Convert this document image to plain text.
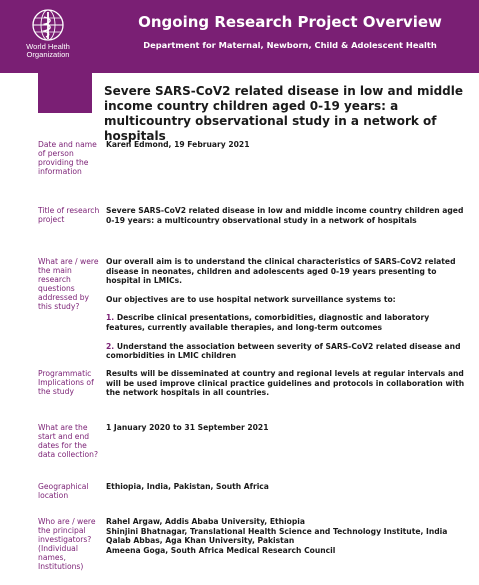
World Health
Organization
Ongoing Research Project Overview
Department for Maternal, Newborn, Child & Adolescent Health
Severe SARS-CoV2 related disease in low and middle income country children aged 0-19 years: a multicountry observational study in a network of hospitals
Date and name of person providing the information
Karen Edmond, 19 February 2021
Title of research project
Severe SARS-CoV2 related disease in low and middle income country children aged 0-19 years: a multicountry observational study in a network of hospitals
What are / were the main research questions addressed by this study?

Our overall aim is to understand the clinical characteristics of SARS-CoV2 related disease in neonates, children and adolescents aged 0-19 years presenting to hospital in LMICs.

Our objectives are to use hospital network surveillance systems to:

1. Describe clinical presentations, comorbidities, diagnostic and laboratory features, currently available therapies, and long-term outcomes

2. Understand the association between severity of SARS-CoV2 related disease and comorbidities in LMIC children

Programmatic Implications of the study
Results will be disseminated at country and regional levels at regular intervals and will be used improve clinical practice guidelines and protocols in collaboration with the network hospitals in all countries.
What are the start and end dates for the data collection?
1 January 2020 to 31 September 2021
Geographical location
Ethiopia, India, Pakistan, South Africa
Who are / were the principal investigators? (Individual names, Institutions)
Rahel Argaw, Addis Ababa University, Ethiopia
Shinjini Bhatnagar, Translational Health Science and Technology Institute, India
Qalab Abbas, Aga Khan University, Pakistan
Ameena Goga, South Africa Medical Research Council
